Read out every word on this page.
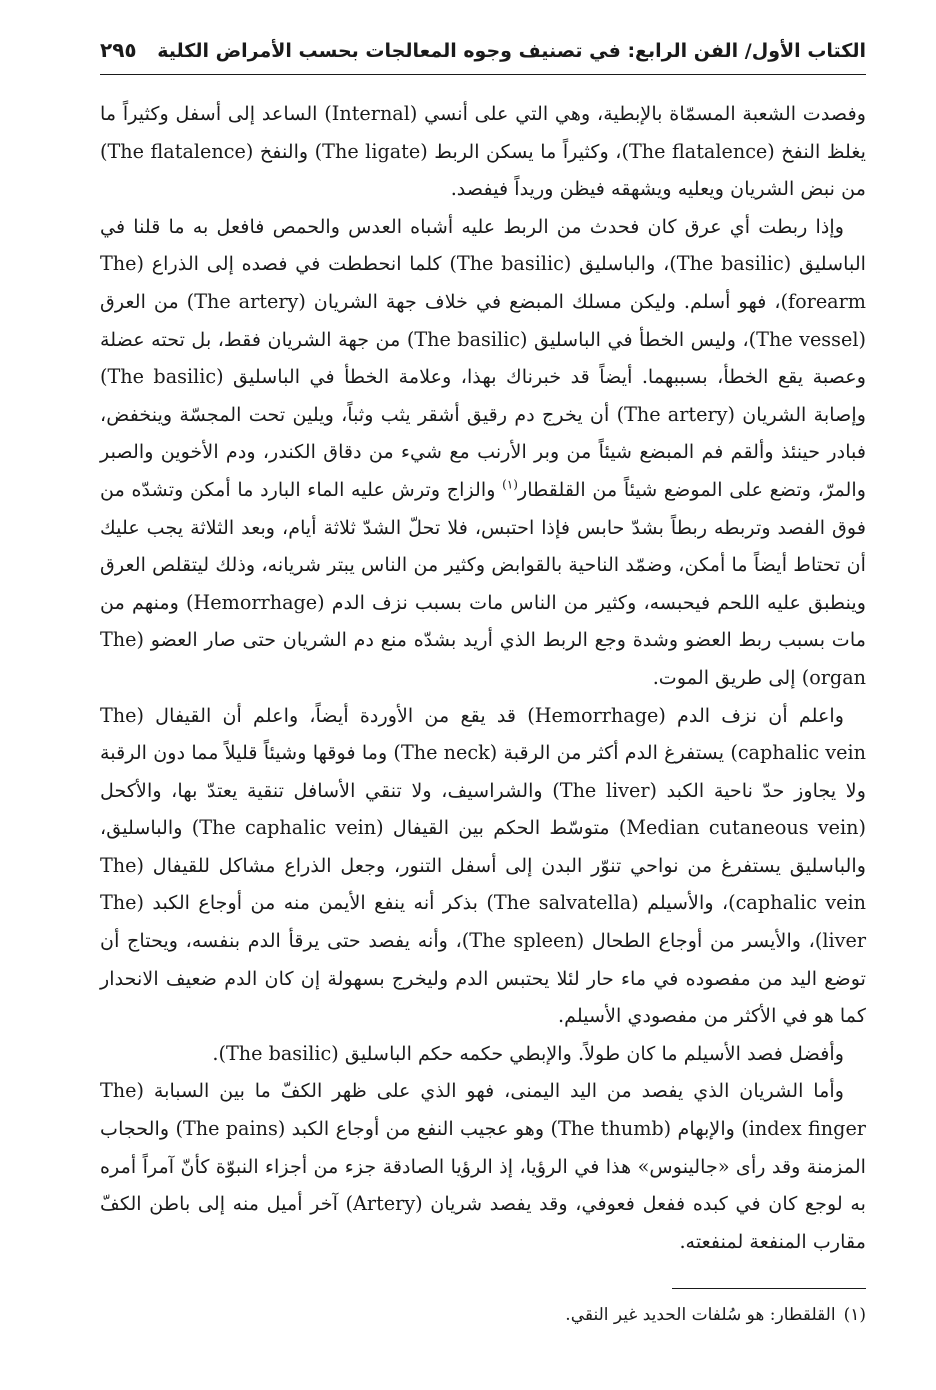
الكتاب الأول/ الفن الرابع: في تصنيف وجوه المعالجات بحسب الأمراض الكلية
٢٩٥

وفصدت الشعبة المسمّاة بالإبطية، وهي التي على أنسي (Internal) الساعد إلى أسفل وكثيراً ما يغلظ النفخ (The flatalence)، وكثيراً ما يسكن الربط (The ligate) والنفخ (The flatalence) من نبض الشريان ويعليه ويشهقه فيظن وريداً فيفصد.

وإذا ربطت أي عرق كان فحدث من الربط عليه أشباه العدس والحمص فافعل به ما قلنا في الباسليق (The basilic)، والباسليق (The basilic) كلما انحططت في فصده إلى الذراع (The forearm)، فهو أسلم. وليكن مسلك المبضع في خلاف جهة الشريان (The artery) من العرق (The vessel)، وليس الخطأ في الباسليق (The basilic) من جهة الشريان فقط، بل تحته عضلة وعصبة يقع الخطأ، بسببهما. أيضاً قد خبرناك بهذا، وعلامة الخطأ في الباسليق (The basilic) وإصابة الشريان (The artery) أن يخرج دم رقيق أشقر يثب وثباً، ويلين تحت المجسّة وينخفض، فبادر حينئذ وألقم فم المبضع شيئاً من وبر الأرنب مع شيء من دقاق الكندر، ودم الأخوين والصبر والمرّ، وتضع على الموضع شيئاً من القلقطار$^{(١)}$ والزاج وترش عليه الماء البارد ما أمكن وتشدّه من فوق الفصد وتربطه ربطاً بشدّ حابس فإذا احتبس، فلا تحلّ الشدّ ثلاثة أيام، وبعد الثلاثة يجب عليك أن تحتاط أيضاً ما أمكن، وضمّد الناحية بالقوابض وكثير من الناس يبتر شريانه، وذلك ليتقلص العرق وينطبق عليه اللحم فيحبسه، وكثير من الناس مات بسبب نزف الدم (Hemorrhage) ومنهم من مات بسبب ربط العضو وشدة وجع الربط الذي أريد بشدّه منع دم الشريان حتى صار العضو (The organ) إلى طريق الموت.

واعلم أن نزف الدم (Hemorrhage) قد يقع من الأوردة أيضاً، واعلم أن القيفال (The caphalic vein) يستفرغ الدم أكثر من الرقبة (The neck) وما فوقها وشيئاً قليلاً مما دون الرقبة ولا يجاوز حدّ ناحية الكبد (The liver) والشراسيف، ولا تنقي الأسافل تنقية يعتدّ بها، والأكحل (Median cutaneous vein) متوسّط الحكم بين القيفال (The caphalic vein) والباسليق، والباسليق يستفرغ من نواحي تنوّر البدن إلى أسفل التنور، وجعل الذراع مشاكل للقيفال (The caphalic vein)، والأسيلم (The salvatella) بذكر أنه ينفع الأيمن منه من أوجاع الكبد (The liver)، والأيسر من أوجاع الطحال (The spleen)، وأنه يفصد حتى يرقأ الدم بنفسه، ويحتاج أن توضع اليد من مفصوده في ماء حار لئلا يحتبس الدم وليخرج بسهولة إن كان الدم ضعيف الانحدار كما هو في الأكثر من مفصودي الأسيلم.

وأفضل فصد الأسيلم ما كان طولاً. والإبطي حكمه حكم الباسليق (The basilic).

وأما الشريان الذي يفصد من اليد اليمنى، فهو الذي على ظهر الكفّ ما بين السبابة (The index finger) والإبهام (The thumb) وهو عجيب النفع من أوجاع الكبد (The pains) والحجاب المزمنة وقد رأى «جالينوس» هذا في الرؤيا، إذ الرؤيا الصادقة جزء من أجزاء النبوّة كأنّ آمراً أمره به لوجع كان في كبده ففعل فعوفي، وقد يفصد شريان (Artery) آخر أميل منه إلى باطن الكفّ مقارب المنفعة لمنفعته.

(١)القلقطار: هو سُلفات الحديد غير النقي.
